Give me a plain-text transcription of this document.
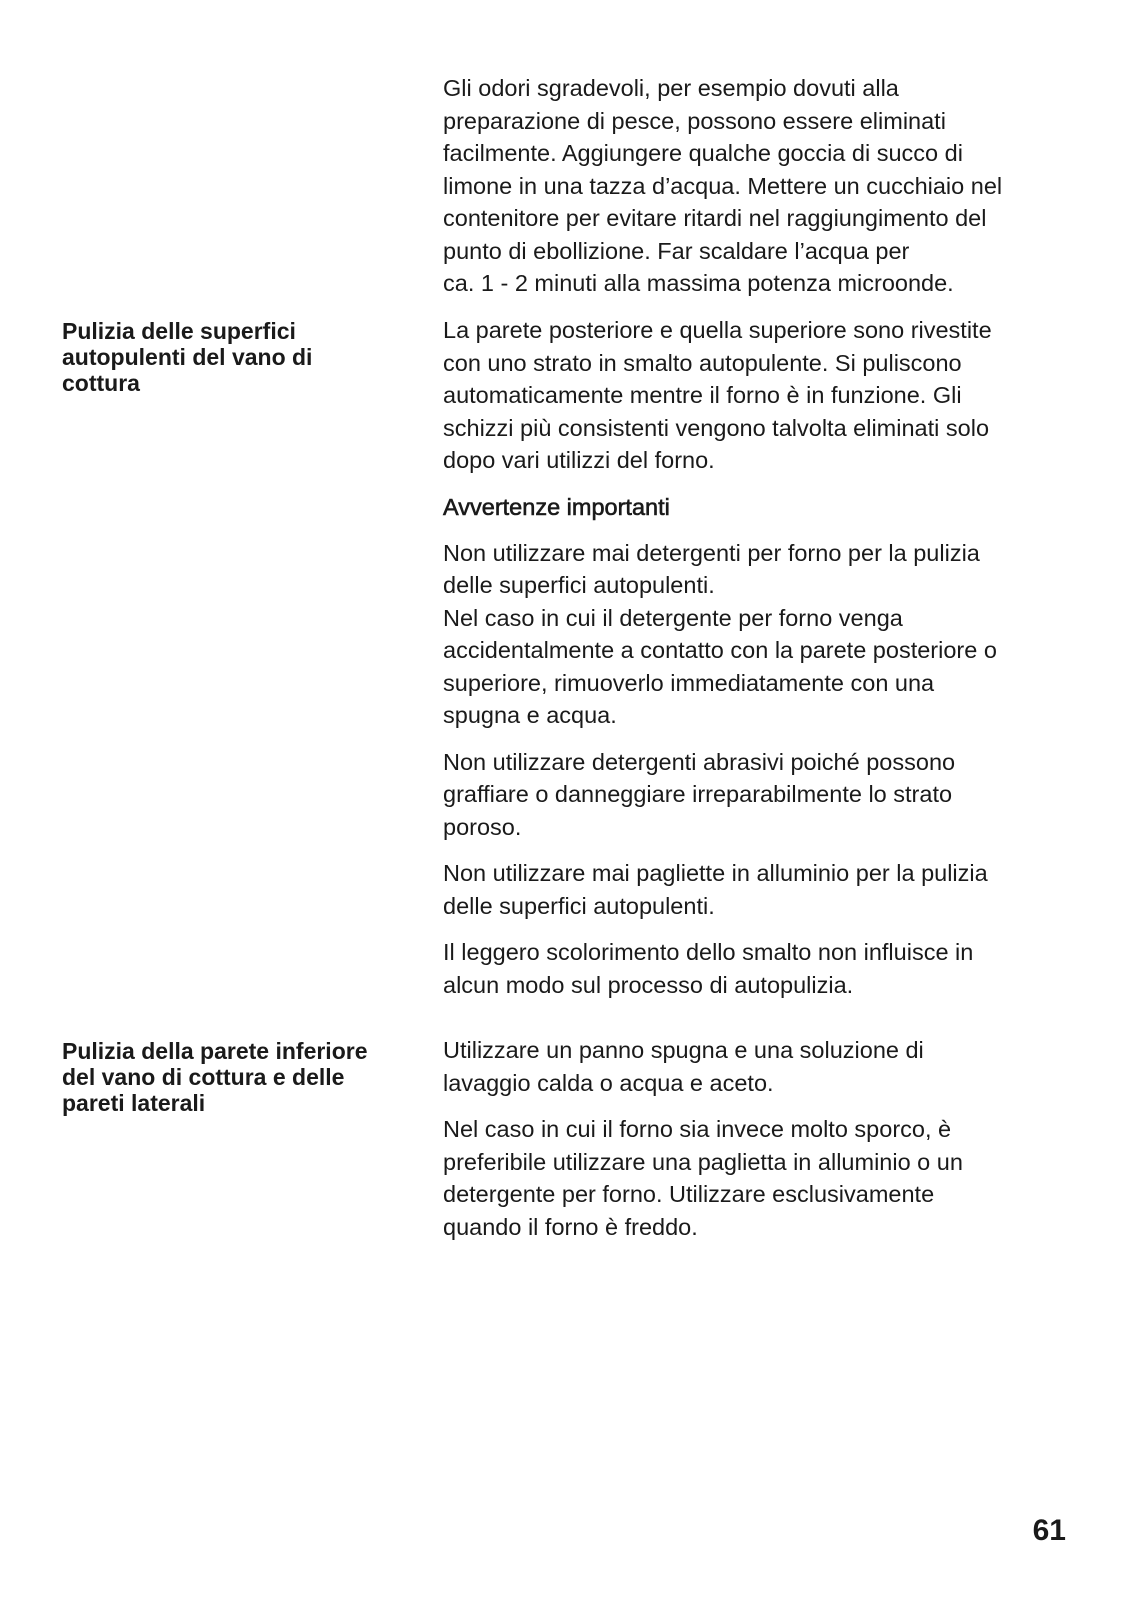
Gli odori sgradevoli, per esempio dovuti alla
preparazione di pesce, possono essere eliminati
facilmente. Aggiungere qualche goccia di succo di
limone in una tazza d’acqua. Mettere un cucchiaio nel
contenitore per evitare ritardi nel raggiungimento del
punto di ebollizione. Far scaldare l’acqua per
ca. 1 - 2 minuti alla massima potenza microonde.

Pulizia delle superfici
autopulenti del vano di
cottura

La parete posteriore e quella superiore sono rivestite
con uno strato in smalto autopulente. Si puliscono
automaticamente mentre il forno è in funzione. Gli
schizzi più consistenti vengono talvolta eliminati solo
dopo vari utilizzi del forno.

Avvertenze importanti

Non utilizzare mai detergenti per forno per la pulizia
delle superfici autopulenti.
Nel caso in cui il detergente per forno venga
accidentalmente a contatto con la parete posteriore o
superiore, rimuoverlo immediatamente con una
spugna e acqua.

Non utilizzare detergenti abrasivi poiché possono
graffiare o danneggiare irreparabilmente lo strato
poroso.

Non utilizzare mai pagliette in alluminio per la pulizia
delle superfici autopulenti.

Il leggero scolorimento dello smalto non influisce in
alcun modo sul processo di autopulizia.

Pulizia della parete inferiore
del vano di cottura e delle
pareti laterali

Utilizzare un panno spugna e una soluzione di
lavaggio calda o acqua e aceto.

Nel caso in cui il forno sia invece molto sporco, è
preferibile utilizzare una paglietta in alluminio o un
detergente per forno. Utilizzare esclusivamente
quando il forno è freddo.

61
